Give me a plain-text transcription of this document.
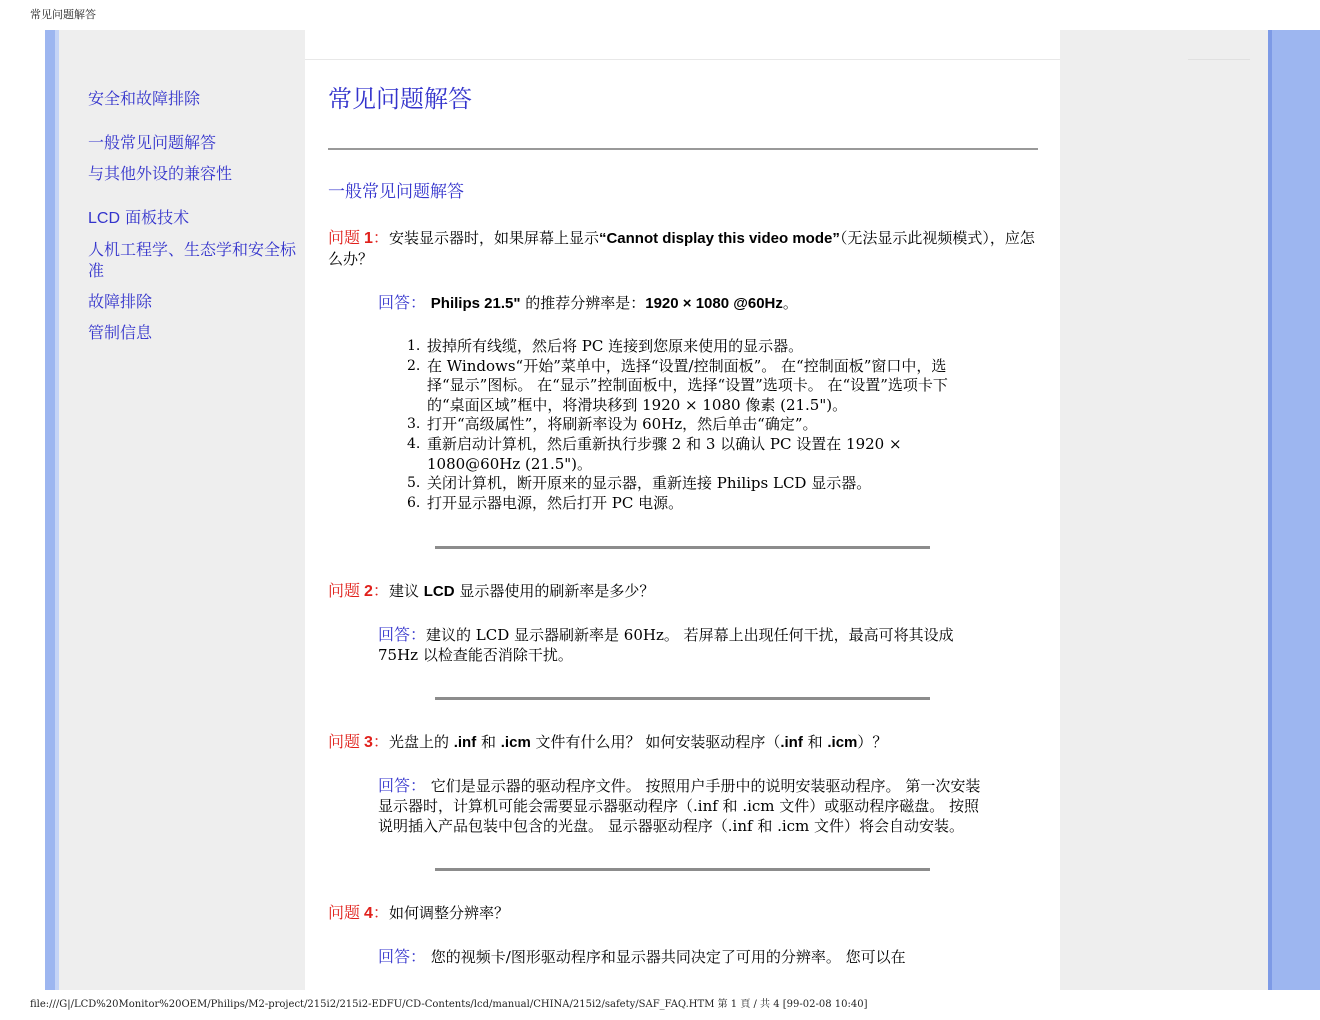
常见问题解答
安全和故障排除
一般常见问题解答
与其他外设的兼容性
LCD 面板技术
人机工程学、生态学和安全标准
故障排除
管制信息
常见问题解答
一般常见问题解答
问题 1：安装显示器时，如果屏幕上显示“Cannot display this video mode”（无法显示此视频模式），应怎么办？
回答： Philips 21.5" 的推荐分辨率是：1920 × 1080 @60Hz。
拔掉所有线缆，然后将 PC 连接到您原来使用的显示器。
在 Windows“开始”菜单中，选择“设置/控制面板”。 在“控制面板”窗口中，选择“显示”图标。 在“显示”控制面板中，选择“设置”选项卡。 在“设置”选项卡下的“桌面区域”框中，将滑块移到 1920 × 1080 像素 (21.5")。
打开“高级属性”，将刷新率设为 60Hz，然后单击“确定”。
重新启动计算机，然后重新执行步骤 2 和 3 以确认 PC 设置在 1920 × 1080@60Hz (21.5")。
关闭计算机，断开原来的显示器，重新连接 Philips LCD 显示器。
打开显示器电源，然后打开 PC 电源。
问题 2：建议 LCD 显示器使用的刷新率是多少？
回答：建议的 LCD 显示器刷新率是 60Hz。 若屏幕上出现任何干扰，最高可将其设成 75Hz 以检查能否消除干扰。
问题 3：光盘上的 .inf 和 .icm 文件有什么用？ 如何安装驱动程序（.inf 和 .icm）？
回答： 它们是显示器的驱动程序文件。 按照用户手册中的说明安装驱动程序。 第一次安装显示器时，计算机可能会需要显示器驱动程序（.inf 和 .icm 文件）或驱动程序磁盘。 按照说明插入产品包装中包含的光盘。 显示器驱动程序（.inf 和 .icm 文件）将会自动安装。
问题 4：如何调整分辨率？
回答： 您的视频卡/图形驱动程序和显示器共同决定了可用的分辨率。 您可以在
file:///G|/LCD%20Monitor%20OEM/Philips/M2-project/215i2/215i2-EDFU/CD-Contents/lcd/manual/CHINA/215i2/safety/SAF_FAQ.HTM 第 1 頁 / 共 4 [99-02-08 10:40]
